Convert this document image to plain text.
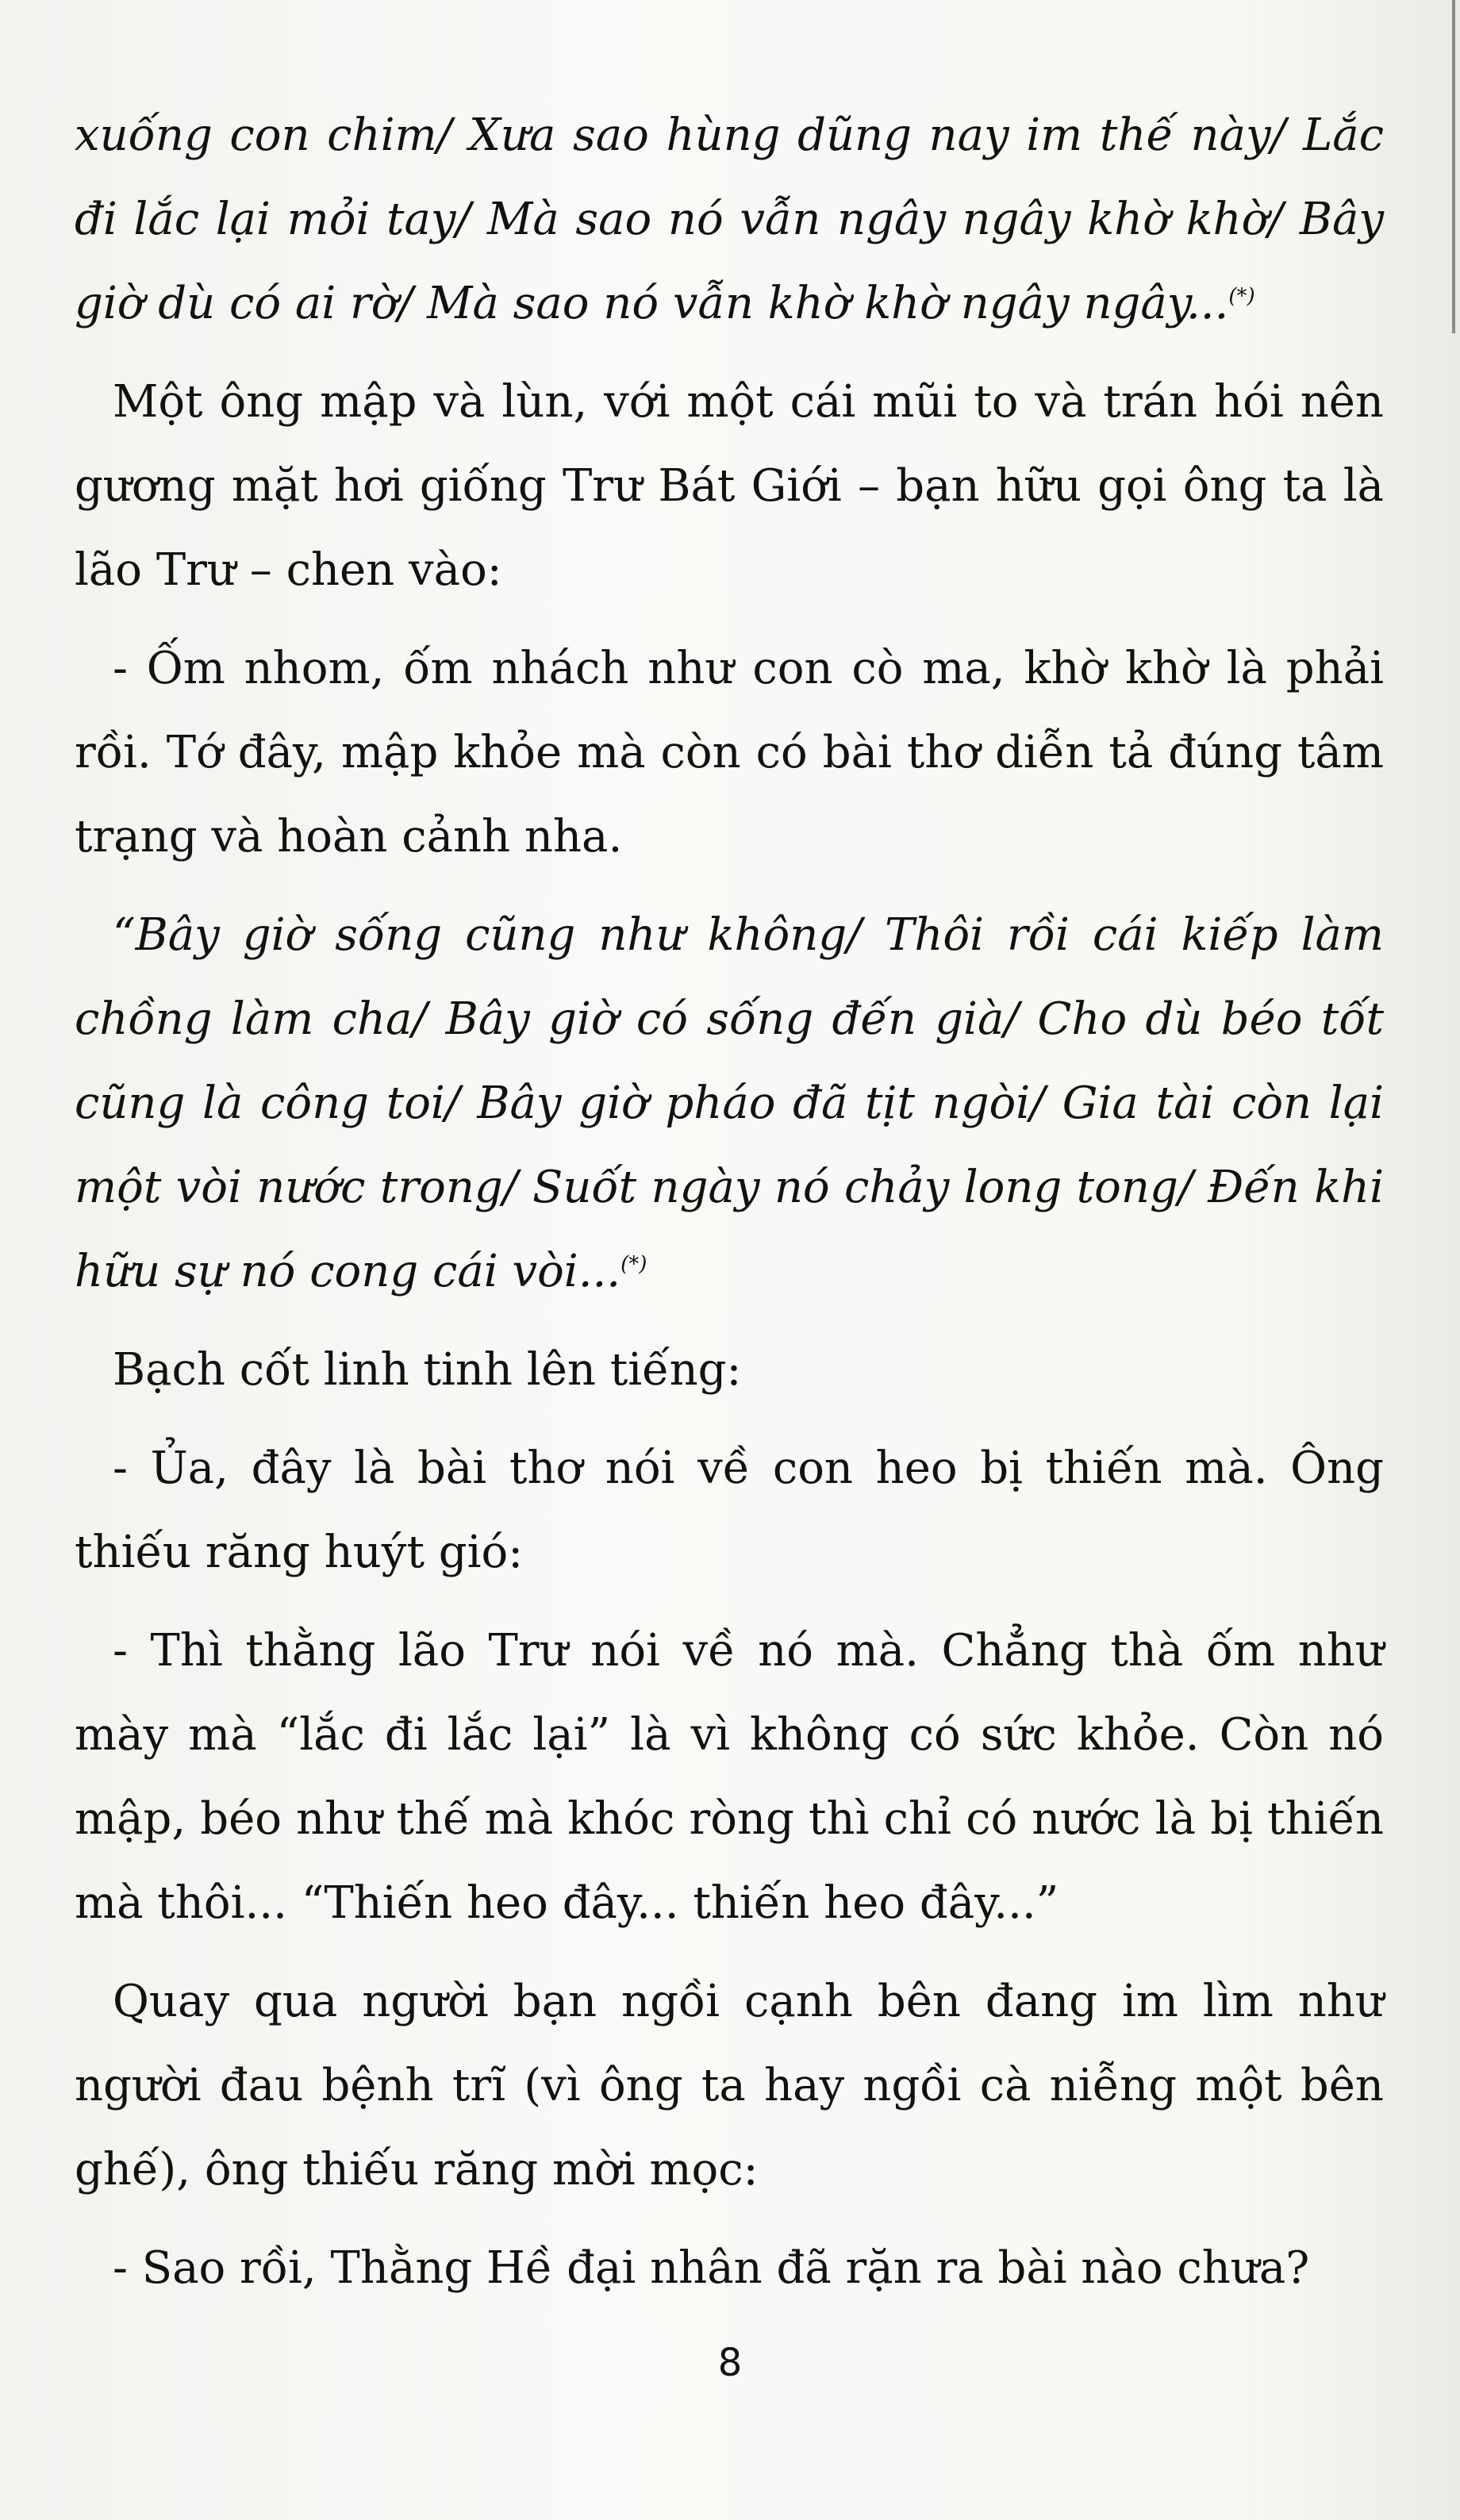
xuống con chim/ Xưa sao hùng dũng nay im thế này/ Lắc đi lắc lại mỏi tay/ Mà sao nó vẫn ngây ngây khờ khờ/ Bây giờ dù có ai rờ/ Mà sao nó vẫn khờ khờ ngây ngây...(*)

Một ông mập và lùn, với một cái mũi to và trán hói nên gương mặt hơi giống Trư Bát Giới – bạn hữu gọi ông ta là lão Trư – chen vào:

- Ốm nhom, ốm nhách như con cò ma, khờ khờ là phải rồi. Tớ đây, mập khỏe mà còn có bài thơ diễn tả đúng tâm trạng và hoàn cảnh nha.

“Bây giờ sống cũng như không/ Thôi rồi cái kiếp làm chồng làm cha/ Bây giờ có sống đến già/ Cho dù béo tốt cũng là công toi/ Bây giờ pháo đã tịt ngòi/ Gia tài còn lại một vòi nước trong/ Suốt ngày nó chảy long tong/ Đến khi hữu sự nó cong cái vòi...(*)

Bạch cốt linh tinh lên tiếng:

- Ủa, đây là bài thơ nói về con heo bị thiến mà. Ông thiếu răng huýt gió:

- Thì thằng lão Trư nói về nó mà. Chẳng thà ốm như mày mà “lắc đi lắc lại” là vì không có sức khỏe. Còn nó mập, béo như thế mà khóc ròng thì chỉ có nước là bị thiến mà thôi... “Thiến heo đây... thiến heo đây...”

Quay qua người bạn ngồi cạnh bên đang im lìm như người đau bệnh trĩ (vì ông ta hay ngồi cà niễng một bên ghế), ông thiếu răng mời mọc:

- Sao rồi, Thằng Hề đại nhân đã rặn ra bài nào chưa?

8
